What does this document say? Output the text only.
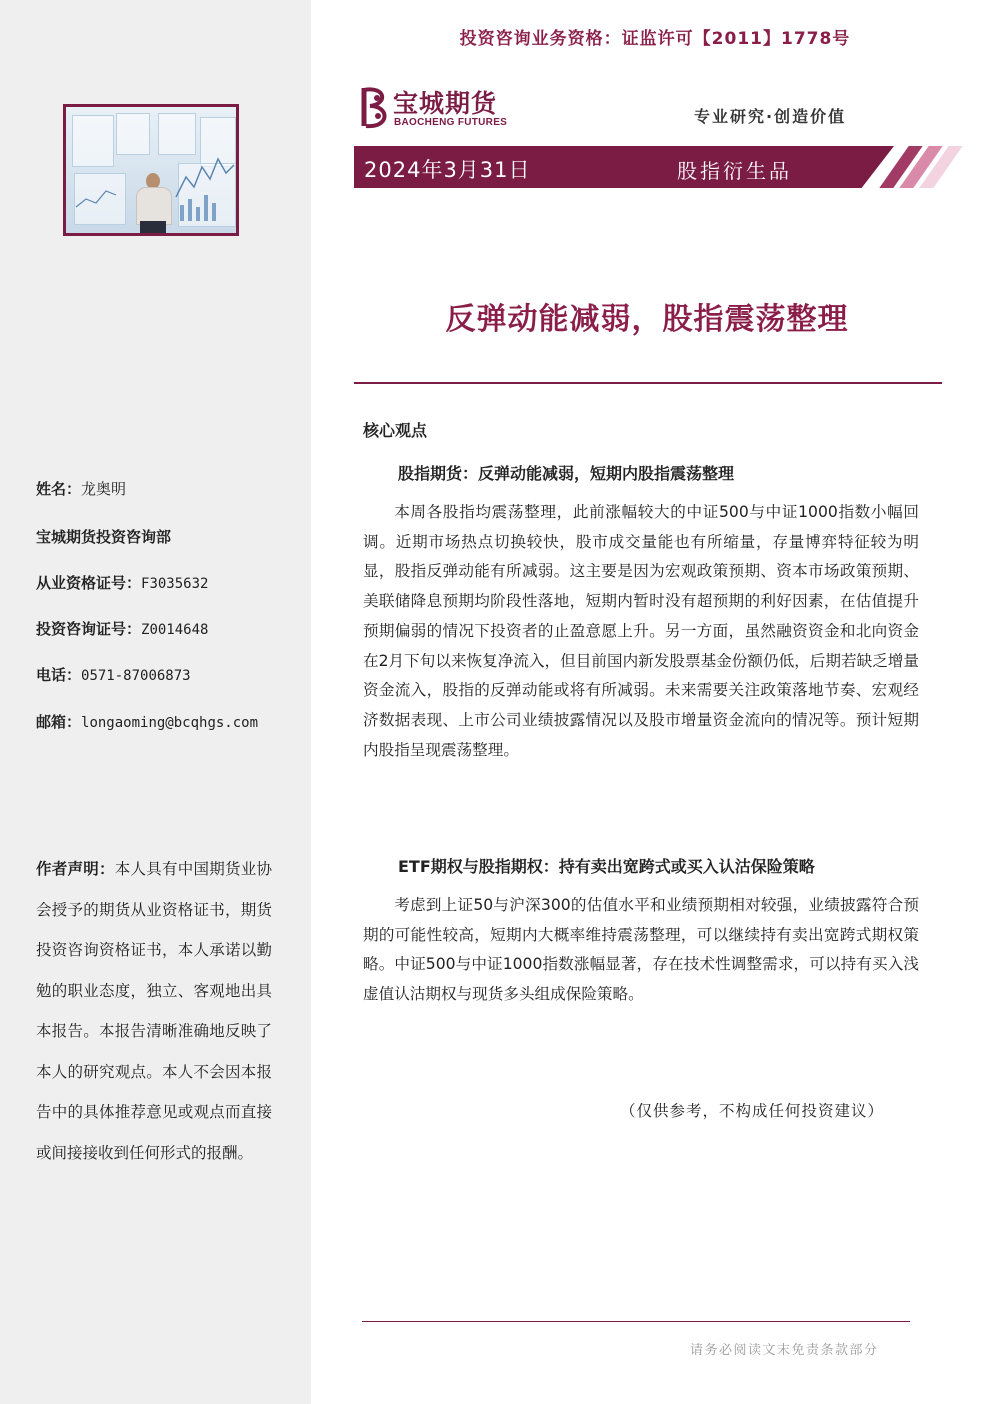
姓名：龙奥明
宝城期货投资咨询部
从业资格证号：F3035632
投资咨询证号：Z0014648
电话：0571-87006873
邮箱：longaoming@bcqhgs.com
作者声明：本人具有中国期货业协会授予的期货从业资格证书，期货投资咨询资格证书，本人承诺以勤勉的职业态度，独立、客观地出具本报告。本报告清晰准确地反映了本人的研究观点。本人不会因本报告中的具体推荐意见或观点而直接或间接接收到任何形式的报酬。
投资咨询业务资格：证监许可【2011】1778号
宝城期货
BAOCHENG FUTURES	专业研究·创造价值
2024年3月31日	股指衍生品
反弹动能减弱，股指震荡整理
核心观点
股指期货：反弹动能减弱，短期内股指震荡整理

本周各股指均震荡整理，此前涨幅较大的中证500与中证1000指数小幅回调。近期市场热点切换较快，股市成交量能也有所缩量，存量博弈特征较为明显，股指反弹动能有所减弱。这主要是因为宏观政策预期、资本市场政策预期、美联储降息预期均阶段性落地，短期内暂时没有超预期的利好因素，在估值提升预期偏弱的情况下投资者的止盈意愿上升。另一方面，虽然融资资金和北向资金在2月下旬以来恢复净流入，但目前国内新发股票基金份额仍低，后期若缺乏增量资金流入，股指的反弹动能或将有所减弱。未来需要关注政策落地节奏、宏观经济数据表现、上市公司业绩披露情况以及股市增量资金流向的情况等。预计短期内股指呈现震荡整理。

ETF期权与股指期权：持有卖出宽跨式或买入认沽保险策略

考虑到上证50与沪深300的估值水平和业绩预期相对较强，业绩披露符合预期的可能性较高，短期内大概率维持震荡整理，可以继续持有卖出宽跨式期权策略。中证500与中证1000指数涨幅显著，存在技术性调整需求，可以持有买入浅虚值认沽期权与现货多头组成保险策略。

（仅供参考，不构成任何投资建议）
请务必阅读文末免责条款部分
